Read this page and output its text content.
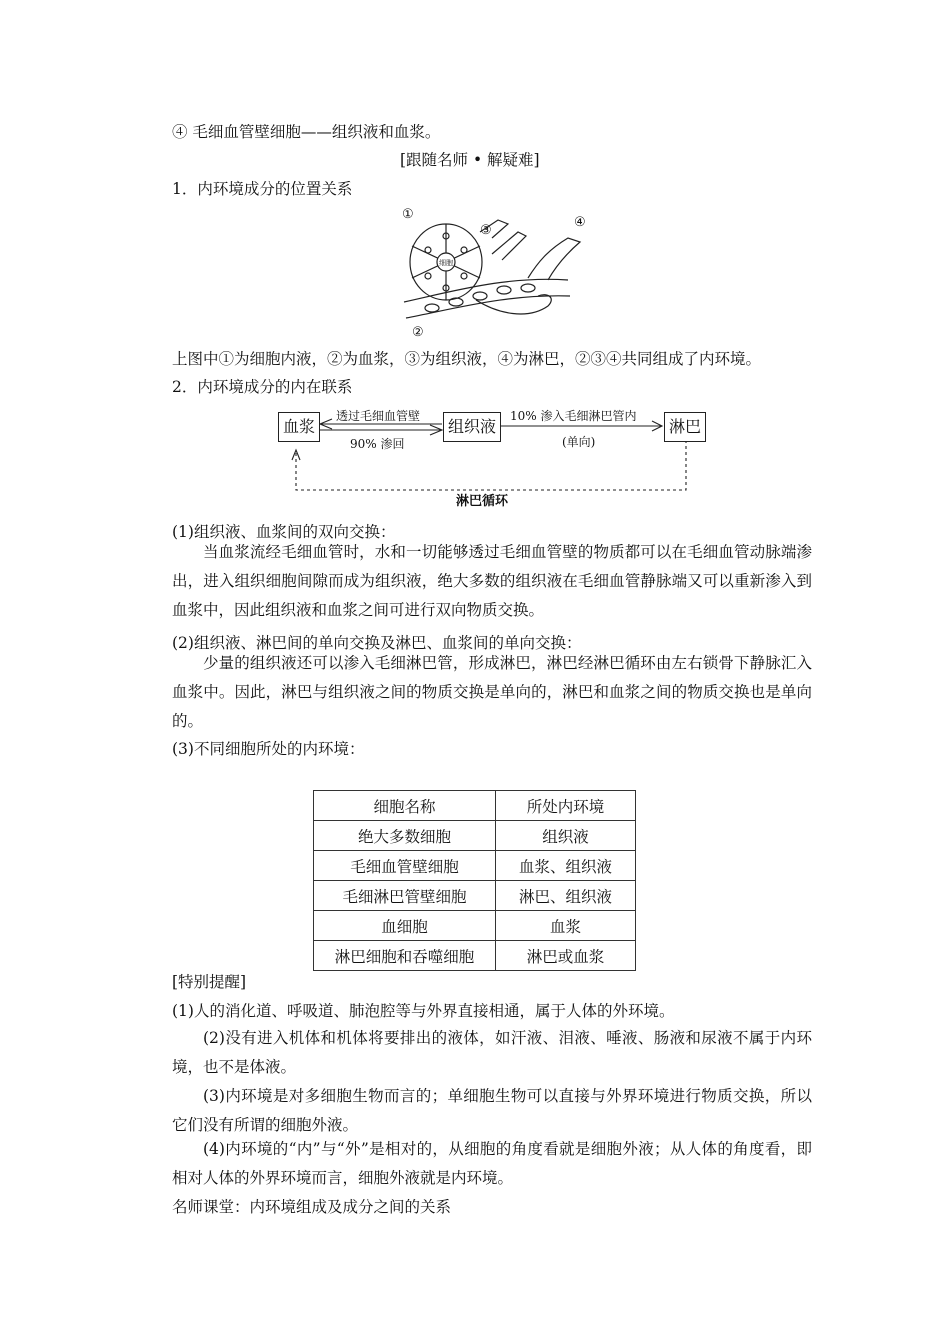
④ 毛细血管壁细胞——组织液和血浆。
[跟随名师 • 解疑难]
1．内环境成分的位置关系
①
②
③
④
细胞
上图中①为细胞内液，②为血浆，③为组织液，④为淋巴，②③④共同组成了内环境。
2．内环境成分的内在联系
血浆	组织液	淋巴
透过毛细血管壁
90% 渗回
10% 渗入毛细淋巴管内
(单向)
淋巴循环
(1)组织液、血浆间的双向交换：
当血浆流经毛细血管时，水和一切能够透过毛细血管壁的物质都可以在毛细血管动脉端渗出，进入组织细胞间隙而成为组织液，绝大多数的组织液在毛细血管静脉端又可以重新渗入到血浆中，因此组织液和血浆之间可进行双向物质交换。
(2)组织液、淋巴间的单向交换及淋巴、血浆间的单向交换：
少量的组织液还可以渗入毛细淋巴管，形成淋巴，淋巴经淋巴循环由左右锁骨下静脉汇入血浆中。因此，淋巴与组织液之间的物质交换是单向的，淋巴和血浆之间的物质交换也是单向的。
(3)不同细胞所处的内环境：
细胞名称	所处内环境
绝大多数细胞	组织液
毛细血管壁细胞	血浆、组织液
毛细淋巴管壁细胞	淋巴、组织液
血细胞	血浆
淋巴细胞和吞噬细胞	淋巴或血浆
[特别提醒]
(1)人的消化道、呼吸道、肺泡腔等与外界直接相通，属于人体的外环境。
(2)没有进入机体和机体将要排出的液体，如汗液、泪液、唾液、肠液和尿液不属于内环境，也不是体液。
(3)内环境是对多细胞生物而言的；单细胞生物可以直接与外界环境进行物质交换，所以它们没有所谓的细胞外液。
(4)内环境的“内”与“外”是相对的，从细胞的角度看就是细胞外液；从人体的角度看，即相对人体的外界环境而言，细胞外液就是内环境。
名师课堂：内环境组成及成分之间的关系
